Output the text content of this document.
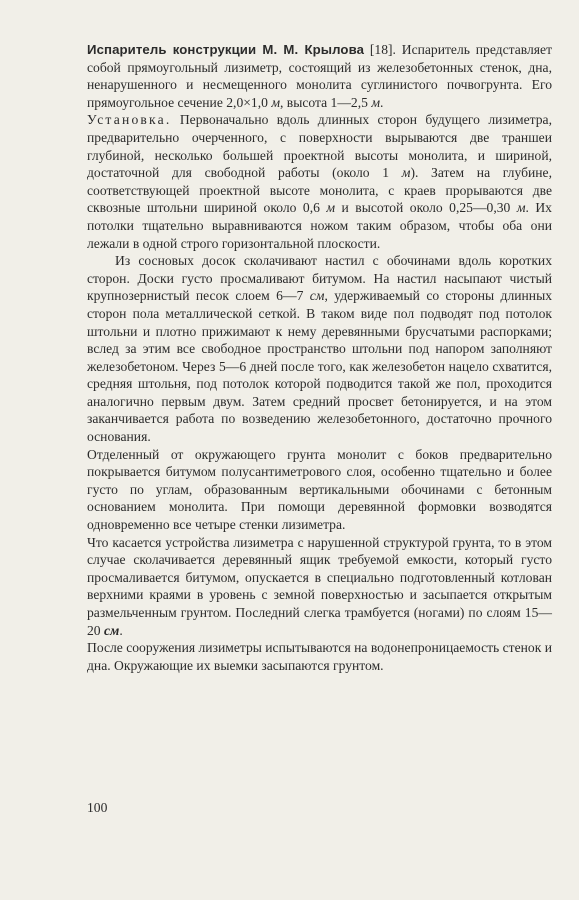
Испаритель конструкции М. М. Крылова [18]. Испаритель представляет собой прямоугольный лизиметр, состоящий из железобетонных стенок, дна, ненарушенного и несмещенного монолита суглинистого почвогрунта. Его прямоугольное сечение 2,0×1,0 м, высота 1—2,5 м.

Установка. Первоначально вдоль длинных сторон будущего лизиметра, предварительно очерченного, с поверхности вырываются две траншеи глубиной, несколько большей проектной высоты монолита, и шириной, достаточной для свободной работы (около 1 м). Затем на глубине, соответствующей проектной высоте монолита, с краев прорываются две сквозные штольни шириной около 0,6 м и высотой около 0,25—0,30 м. Их потолки тщательно выравниваются ножом таким образом, чтобы оба они лежали в одной строго горизонтальной плоскости.

Из сосновых досок сколачивают настил с обочинами вдоль коротких сторон. Доски густо просмаливают битумом. На настил насыпают чистый крупнозернистый песок слоем 6—7 см, удерживаемый со стороны длинных сторон пола металлической сеткой. В таком виде пол подводят под потолок штольни и плотно прижимают к нему деревянными брусчатыми распорками; вслед за этим все свободное пространство штольни под напором заполняют железобетоном. Через 5—6 дней после того, как железобетон нацело схватится, средняя штольня, под потолок которой подводится такой же пол, проходится аналогично первым двум. Затем средний просвет бетонируется, и на этом заканчивается работа по возведению железобетонного, достаточно прочного основания.

Отделенный от окружающего грунта монолит с боков предварительно покрывается битумом полусантиметрового слоя, особенно тщательно и более густо по углам, образованным вертикальными обочинами с бетонным основанием монолита. При помощи деревянной формовки возводятся одновременно все четыре стенки лизиметра.

Что касается устройства лизиметра с нарушенной структурой грунта, то в этом случае сколачивается деревянный ящик требуемой емкости, который густо просмаливается битумом, опускается в специально подготовленный котлован верхними краями в уровень с земной поверхностью и засыпается открытым размельченным грунтом. Последний слегка трамбуется (ногами) по слоям 15—20 см.

После сооружения лизиметры испытываются на водонепроницаемость стенок и дна. Окружающие их выемки засыпаются грунтом.

100
